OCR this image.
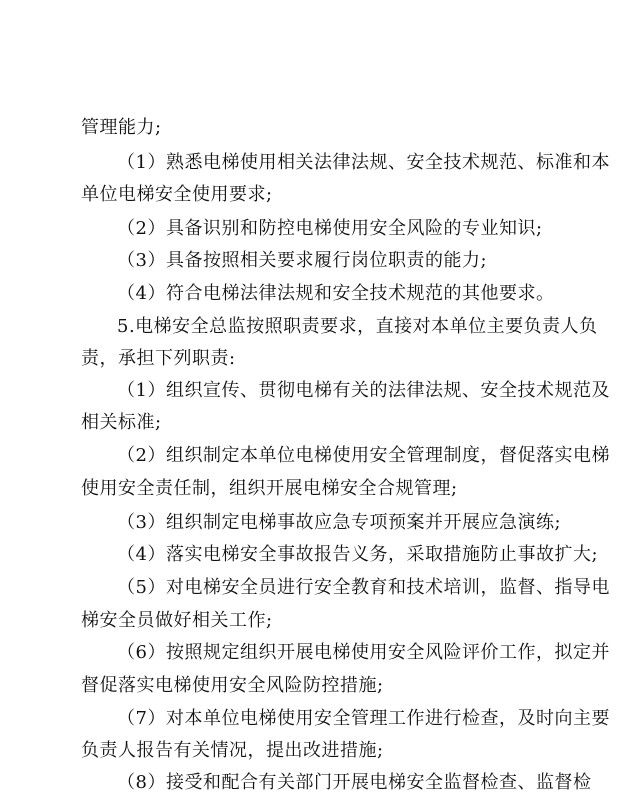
管理能力;
（1）熟悉电梯使用相关法律法规、安全技术规范、标准和本
单位电梯安全使用要求;
（2）具备识别和防控电梯使用安全风险的专业知识;
（3）具备按照相关要求履行岗位职责的能力;
（4）符合电梯法律法规和安全技术规范的其他要求。
5.电梯安全总监按照职责要求，直接对本单位主要负责人负
责，承担下列职责:
（1）组织宣传、贯彻电梯有关的法律法规、安全技术规范及
相关标准;
（2）组织制定本单位电梯使用安全管理制度，督促落实电梯
使用安全责任制，组织开展电梯安全合规管理;
（3）组织制定电梯事故应急专项预案并开展应急演练;
（4）落实电梯安全事故报告义务，采取措施防止事故扩大;
（5）对电梯安全员进行安全教育和技术培训，监督、指导电
梯安全员做好相关工作;
（6）按照规定组织开展电梯使用安全风险评价工作，拟定并
督促落实电梯使用安全风险防控措施;
（7）对本单位电梯使用安全管理工作进行检查，及时向主要
负责人报告有关情况，提出改进措施;
（8）接受和配合有关部门开展电梯安全监督检查、监督检
